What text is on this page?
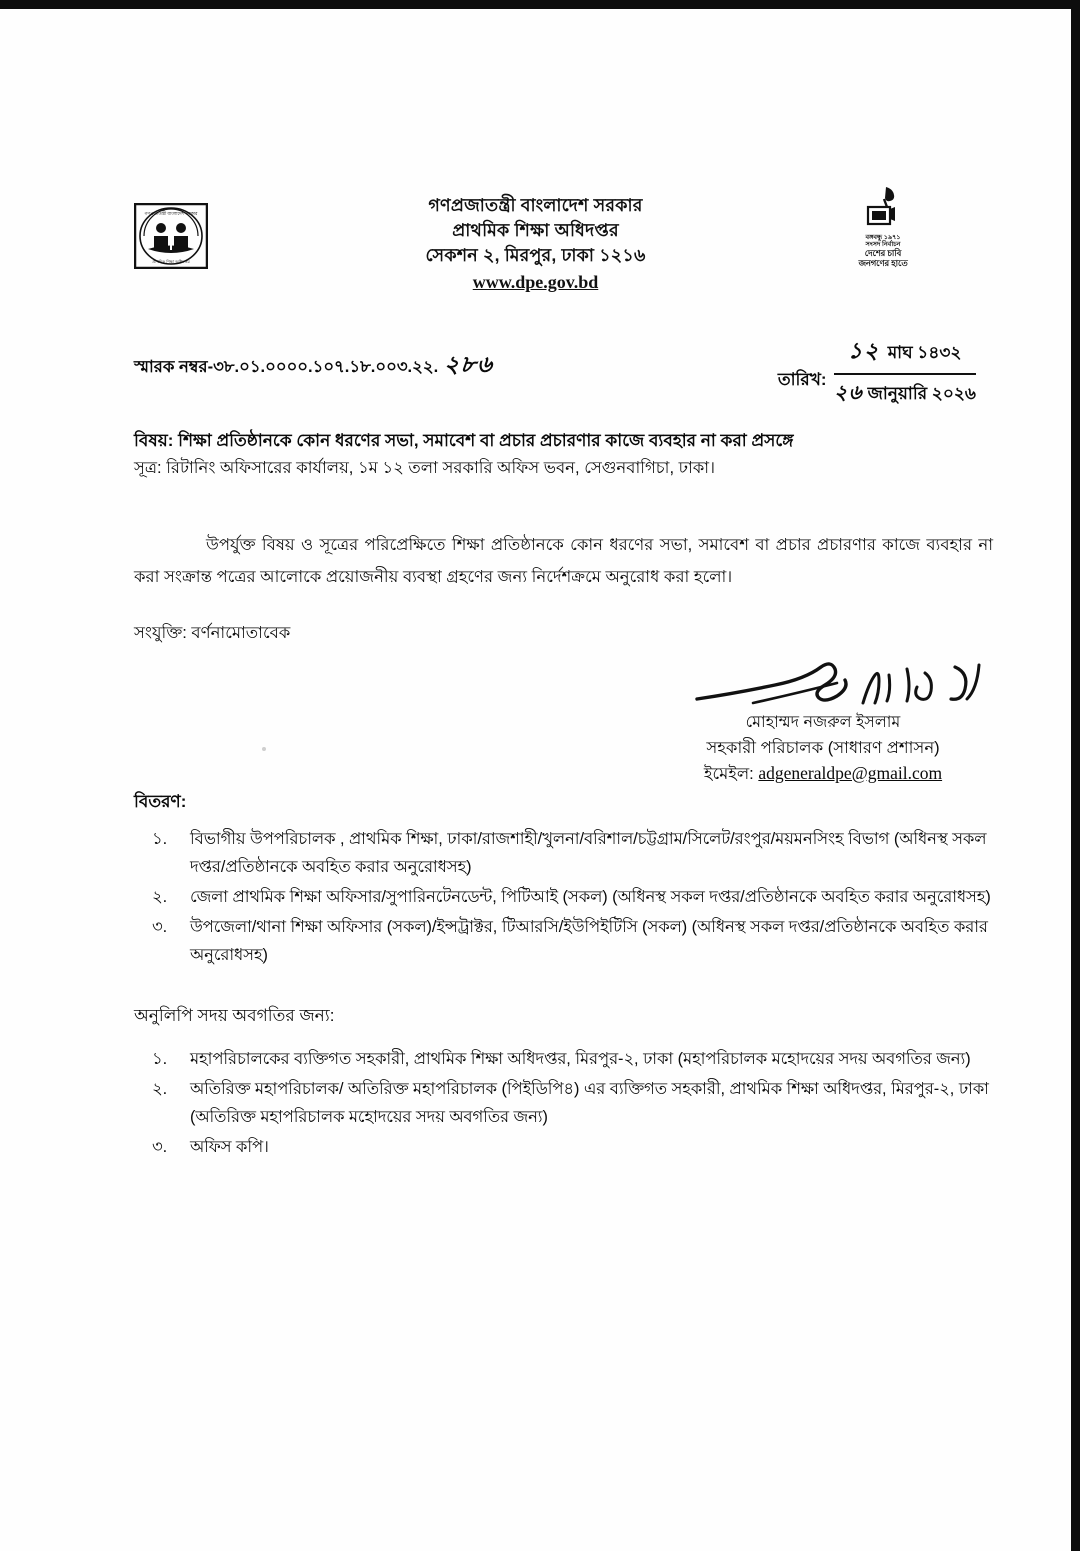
গণপ্রজাতন্ত্রী বাংলাদেশ সরকার
প্রাথমিক শিক্ষা অধিদপ্তর
গণপ্রজাতন্ত্রী বাংলাদেশ সরকার
প্রাথমিক শিক্ষা অধিদপ্তর
সেকশন ২, মিরপুর, ঢাকা ১২১৬
www.dpe.gov.bd
বঙ্গবন্ধু ১৯৭১
সংসদ নির্বাচন
দেশের চাবি
জনগণের হাতে
স্মারক নম্বর-৩৮.০১.০০০০.১০৭.১৮.০০৩.২২. ২৮৬
তারিখ:
১২ মাঘ ১৪৩২
২৬ জানুয়ারি ২০২৬
বিষয়: শিক্ষা প্রতিষ্ঠানকে কোন ধরণের সভা, সমাবেশ বা প্রচার প্রচারণার কাজে ব্যবহার না করা প্রসঙ্গে
সূত্র: রিটানিং অফিসারের কার্যালয়, ১ম ১২ তলা সরকারি অফিস ভবন, সেগুনবাগিচা, ঢাকা।
উপর্যুক্ত বিষয় ও সূত্রের পরিপ্রেক্ষিতে শিক্ষা প্রতিষ্ঠানকে কোন ধরণের সভা, সমাবেশ বা প্রচার প্রচারণার কাজে ব্যবহার না করা সংক্রান্ত পত্রের আলোকে প্রয়োজনীয় ব্যবস্থা গ্রহণের জন্য নির্দেশক্রমে অনুরোধ করা হলো।
সংযুক্তি: বর্ণনামোতাবেক
মোহাম্মদ নজরুল ইসলাম
সহকারী পরিচালক (সাধারণ প্রশাসন)
ইমেইল: adgeneraldpe@gmail.com
বিতরণ:
১. বিভাগীয় উপপরিচালক , প্রাথমিক শিক্ষা, ঢাকা/রাজশাহী/খুলনা/বরিশাল/চট্টগ্রাম/সিলেট/রংপুর/ময়মনসিংহ বিভাগ (অধিনস্থ সকল দপ্তর/প্রতিষ্ঠানকে অবহিত করার অনুরোধসহ)
২. জেলা প্রাথমিক শিক্ষা অফিসার/সুপারিনটেনডেন্ট, পিটিআই (সকল) (অধিনস্থ সকল দপ্তর/প্রতিষ্ঠানকে অবহিত করার অনুরোধসহ)
৩. উপজেলা/থানা শিক্ষা অফিসার (সকল)/ইন্সট্রাক্টর, টিআরসি/ইউপিইটিসি (সকল) (অধিনস্থ সকল দপ্তর/প্রতিষ্ঠানকে অবহিত করার অনুরোধসহ)
অনুলিপি সদয় অবগতির জন্য:
১. মহাপরিচালকের ব্যক্তিগত সহকারী, প্রাথমিক শিক্ষা অধিদপ্তর, মিরপুর-২, ঢাকা (মহাপরিচালক মহোদয়ের সদয় অবগতির জন্য)
২. অতিরিক্ত মহাপরিচালক/ অতিরিক্ত মহাপরিচালক (পিইডিপি৪) এর ব্যক্তিগত সহকারী, প্রাথমিক শিক্ষা অধিদপ্তর, মিরপুর-২, ঢাকা (অতিরিক্ত মহাপরিচালক মহোদয়ের সদয় অবগতির জন্য)
৩. অফিস কপি।
